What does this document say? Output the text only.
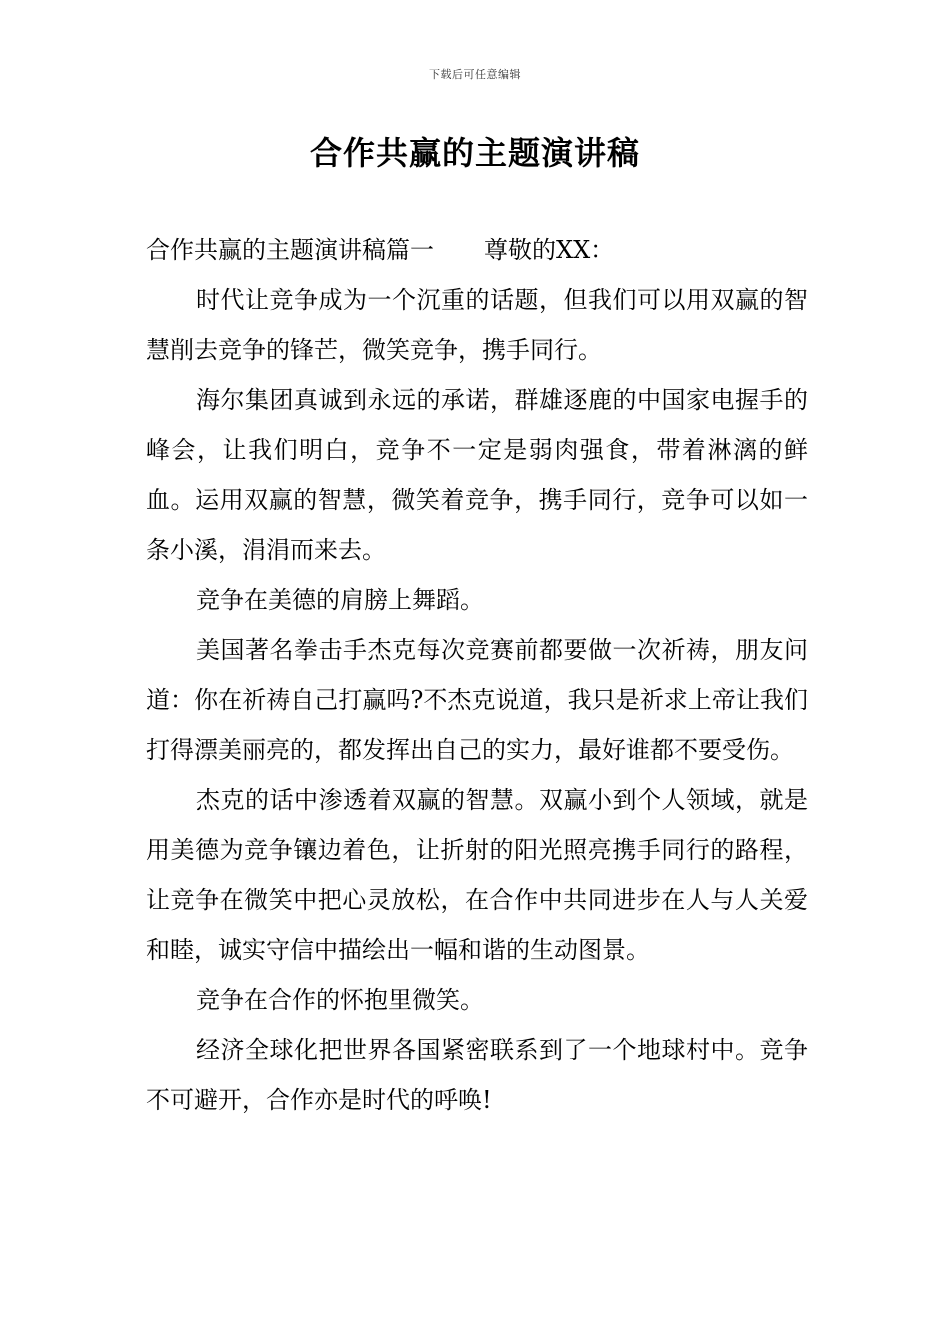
下载后可任意编辑
合作共赢的主题演讲稿

合作共赢的主题演讲稿篇一 尊敬的XX：

时代让竞争成为一个沉重的话题，但我们可以用双赢的智慧削去竞争的锋芒，微笑竞争，携手同行。

海尔集团真诚到永远的承诺，群雄逐鹿的中国家电握手的峰会，让我们明白，竞争不一定是弱肉强食，带着淋漓的鲜血。运用双赢的智慧，微笑着竞争，携手同行，竞争可以如一条小溪，涓涓而来去。

竞争在美德的肩膀上舞蹈。

美国著名拳击手杰克每次竞赛前都要做一次祈祷，朋友问道：你在祈祷自己打赢吗?不杰克说道，我只是祈求上帝让我们打得漂美丽亮的，都发挥出自己的实力，最好谁都不要受伤。

杰克的话中渗透着双赢的智慧。双赢小到个人领域，就是用美德为竞争镶边着色，让折射的阳光照亮携手同行的路程，让竞争在微笑中把心灵放松，在合作中共同进步在人与人关爱和睦，诚实守信中描绘出一幅和谐的生动图景。

竞争在合作的怀抱里微笑。

经济全球化把世界各国紧密联系到了一个地球村中。竞争不可避开，合作亦是时代的呼唤!
